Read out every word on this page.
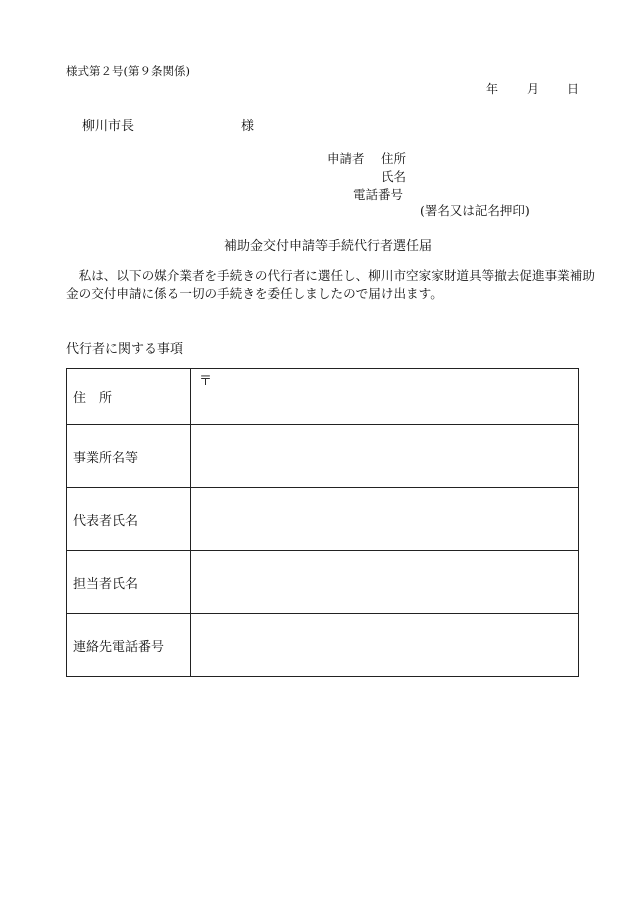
様式第２号(第９条関係)
年 月 日
柳川市長	様
申請者 住所
氏名
電話番号
(署名又は記名押印)
補助金交付申請等手続代行者選任届
　私は、以下の媒介業者を手続きの代行者に選任し、柳川市空家家財道具等撤去促進事業補助金の交付申請に係る一切の手続きを委任しましたので届け出ます。
代行者に関する事項
住　所	〒

事業所名等	
代表者氏名	
担当者氏名	
連絡先電話番号	
